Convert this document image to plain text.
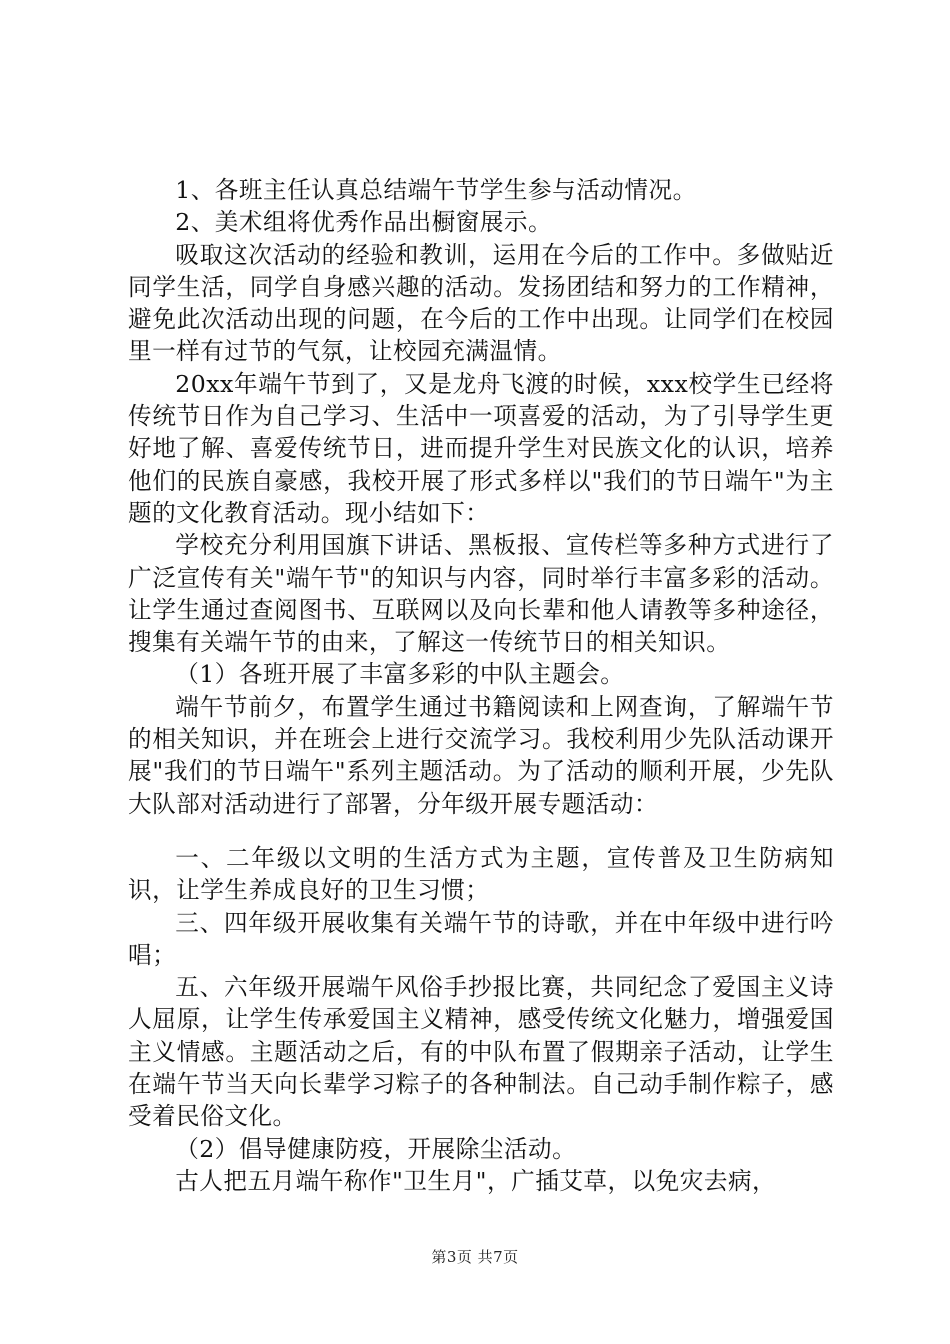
1、各班主任认真总结端午节学生参与活动情况。

2、美术组将优秀作品出橱窗展示。

吸取这次活动的经验和教训，运用在今后的工作中。多做贴近同学生活，同学自身感兴趣的活动。发扬团结和努力的工作精神，避免此次活动出现的问题，在今后的工作中出现。让同学们在校园里一样有过节的气氛，让校园充满温情。

20xx年端午节到了，又是龙舟飞渡的时候，xxx校学生已经将传统节日作为自己学习、生活中一项喜爱的活动，为了引导学生更好地了解、喜爱传统节日，进而提升学生对民族文化的认识，培养他们的民族自豪感，我校开展了形式多样以"我们的节日端午"为主题的文化教育活动。现小结如下：

学校充分利用国旗下讲话、黑板报、宣传栏等多种方式进行了广泛宣传有关"端午节"的知识与内容，同时举行丰富多彩的活动。让学生通过查阅图书、互联网以及向长辈和他人请教等多种途径，搜集有关端午节的由来，了解这一传统节日的相关知识。

（1）各班开展了丰富多彩的中队主题会。

端午节前夕，布置学生通过书籍阅读和上网查询，了解端午节的相关知识，并在班会上进行交流学习。我校利用少先队活动课开展"我们的节日端午"系列主题活动。为了活动的顺利开展，少先队大队部对活动进行了部署，分年级开展专题活动：

一、二年级以文明的生活方式为主题，宣传普及卫生防病知识，让学生养成良好的卫生习惯；

三、四年级开展收集有关端午节的诗歌，并在中年级中进行吟唱；

五、六年级开展端午风俗手抄报比赛，共同纪念了爱国主义诗人屈原，让学生传承爱国主义精神，感受传统文化魅力，增强爱国主义情感。主题活动之后，有的中队布置了假期亲子活动，让学生在端午节当天向长辈学习粽子的各种制法。自己动手制作粽子，感受着民俗文化。

（2）倡导健康防疫，开展除尘活动。

古人把五月端午称作"卫生月"，广插艾草，以免灾去病，

第3页 共7页
